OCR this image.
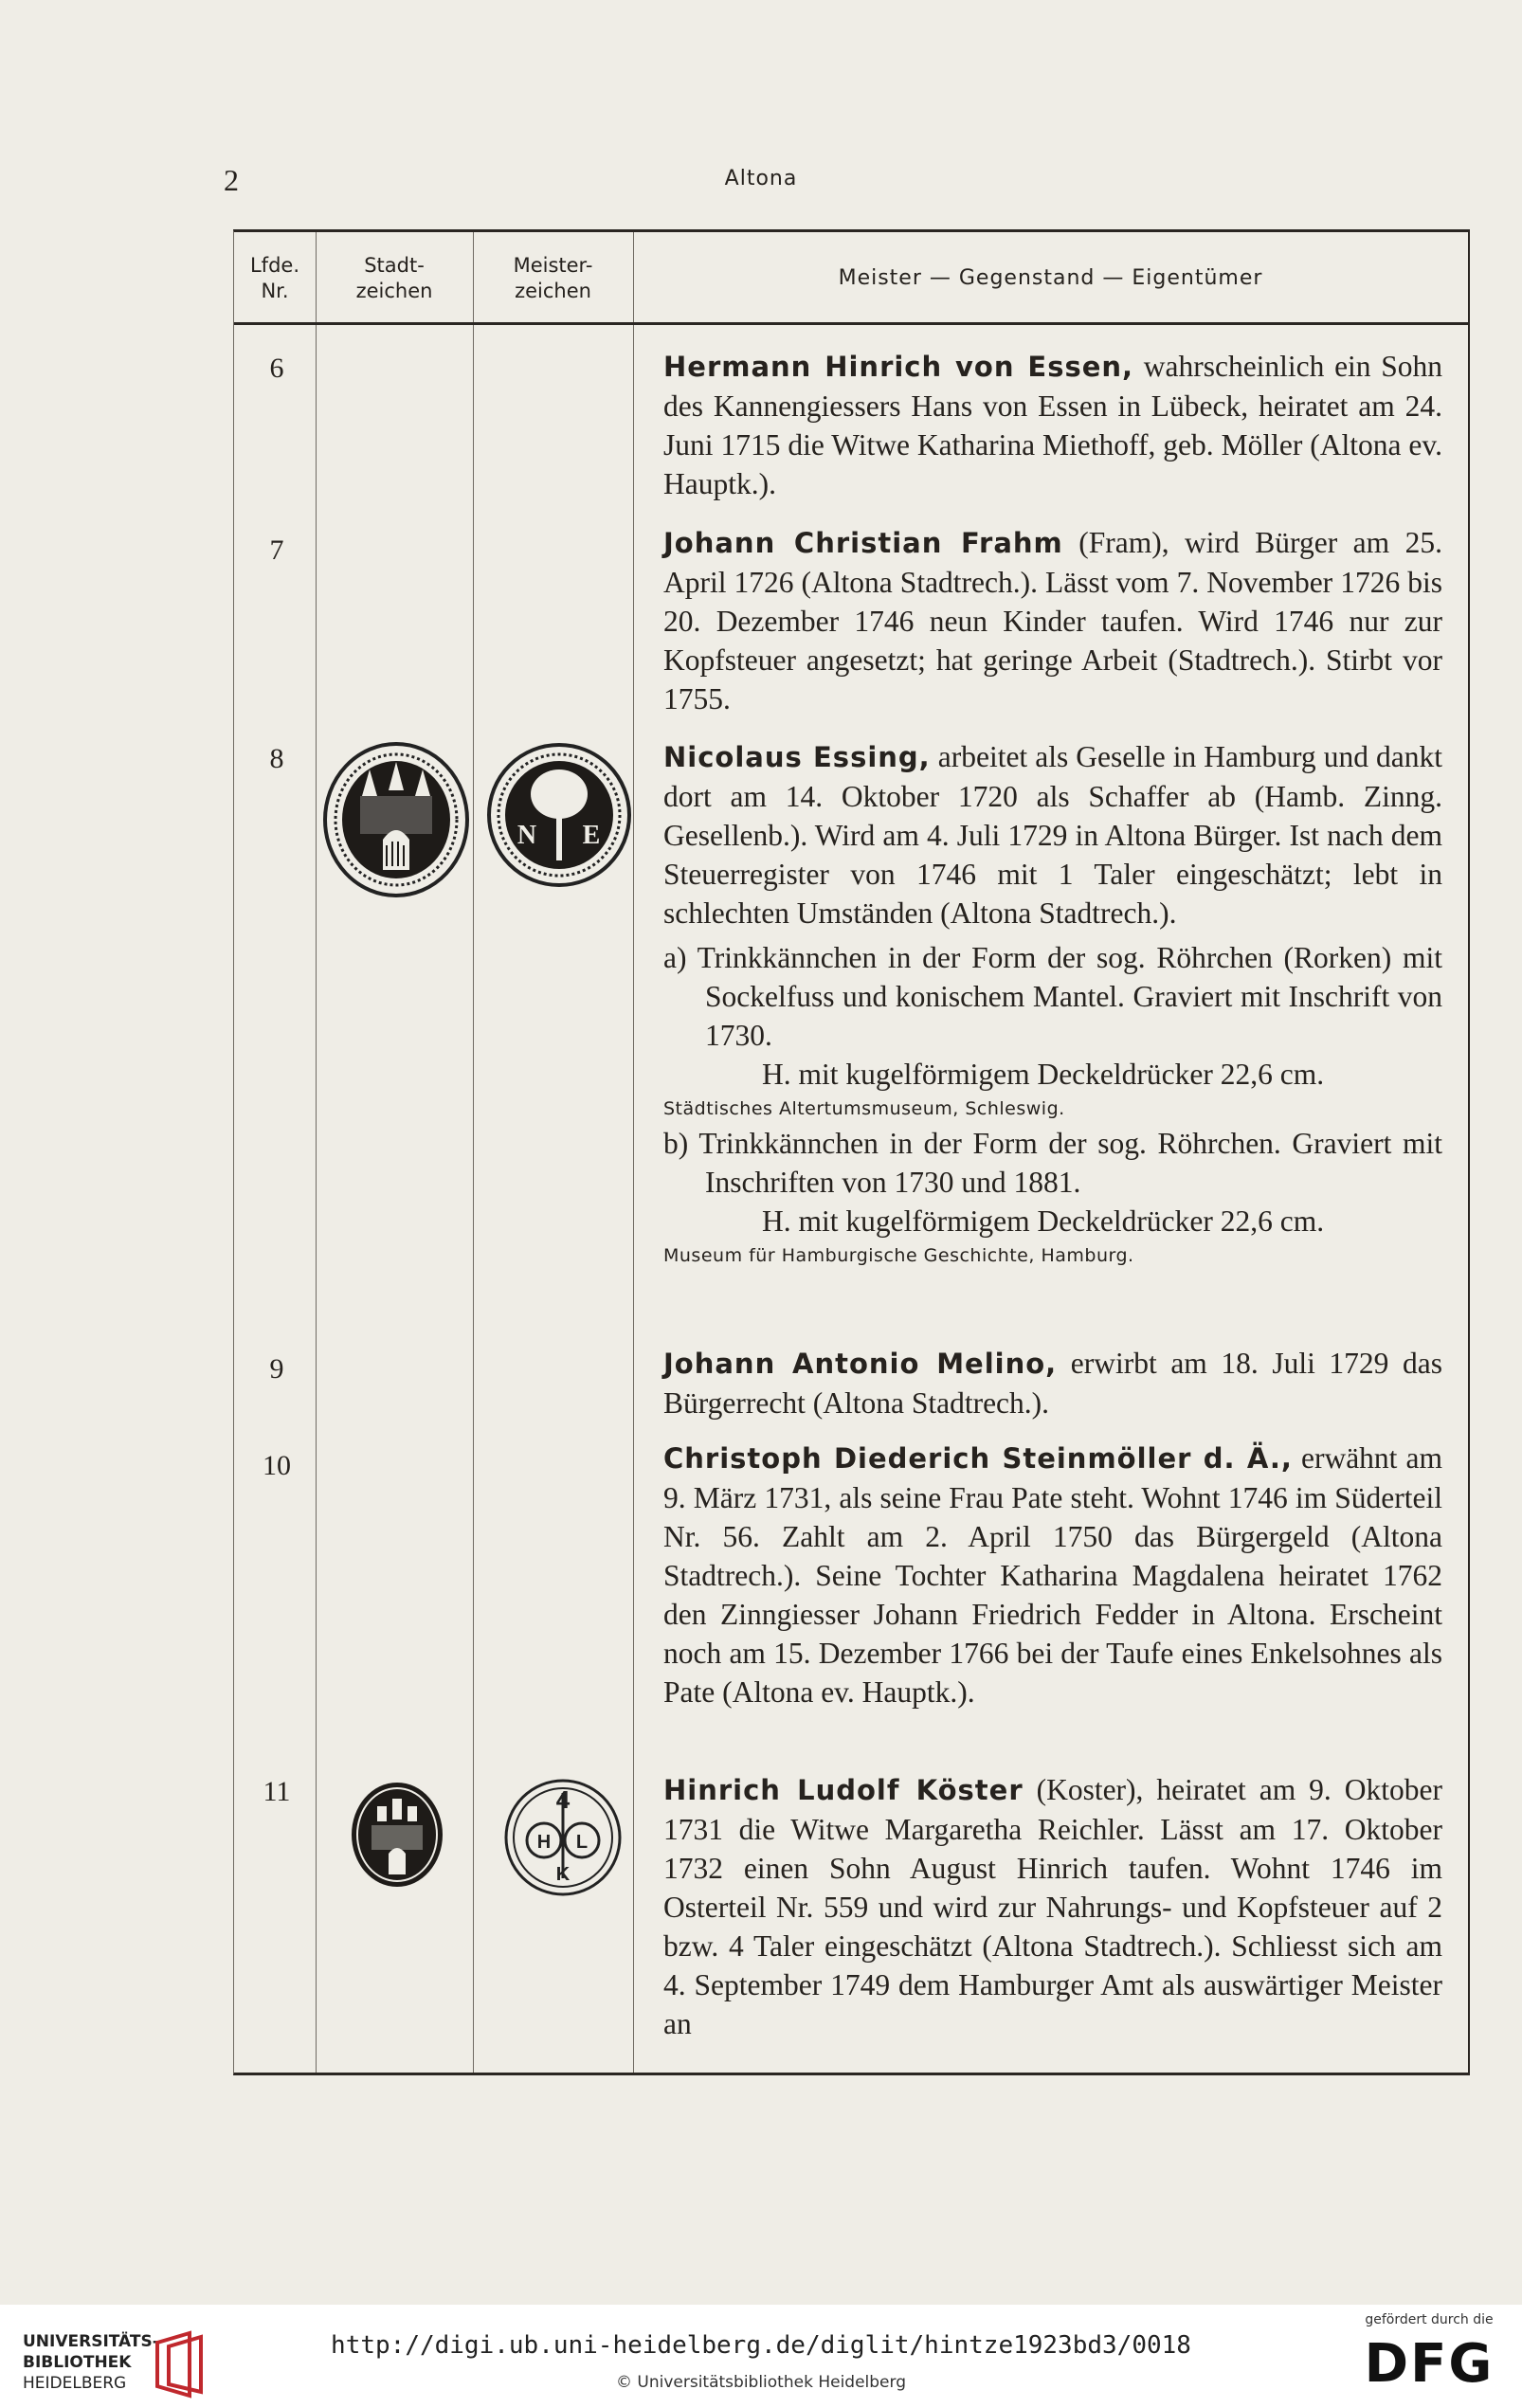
2	Altona
Lfde.
Nr.
Stadt-
zeichen
Meister-
zeichen
Meister — Gegenstand — Eigentümer
6
7
8
9
10
11
N E
4
H
K
L

Hermann Hinrich von Essen, wahrscheinlich ein Sohn des Kannengiessers Hans von Essen in Lübeck, heiratet am 24. Juni 1715 die Witwe Katharina Miethoff, geb. Möller (Altona ev. Hauptk.).

Johann Christian Frahm (Fram), wird Bürger am 25. April 1726 (Altona Stadtrech.). Lässt vom 7. November 1726 bis 20. Dezember 1746 neun Kinder taufen. Wird 1746 nur zur Kopfsteuer angesetzt; hat geringe Arbeit (Stadtrech.). Stirbt vor 1755.

Nicolaus Essing, arbeitet als Geselle in Hamburg und dankt dort am 14. Oktober 1720 als Schaffer ab (Hamb. Zinng. Gesellenb.). Wird am 4. Juli 1729 in Altona Bürger. Ist nach dem Steuerregister von 1746 mit 1 Taler eingeschätzt; lebt in schlechten Umständen (Altona Stadtrech.).

a) Trinkkännchen in der Form der sog. Röhrchen (Rorken) mit Sockelfuss und konischem Mantel. Graviert mit Inschrift von 1730.

H. mit kugelförmigem Deckeldrücker 22,6 cm.

Städtisches Altertumsmuseum, Schleswig.

b) Trinkkännchen in der Form der sog. Röhrchen. Graviert mit Inschriften von 1730 und 1881.

H. mit kugelförmigem Deckeldrücker 22,6 cm.

Museum für Hamburgische Geschichte, Hamburg.

Johann Antonio Melino, erwirbt am 18. Juli 1729 das Bürgerrecht (Altona Stadtrech.).

Christoph Diederich Steinmöller d. Ä., erwähnt am 9. März 1731, als seine Frau Pate steht. Wohnt 1746 im Süderteil Nr. 56. Zahlt am 2. April 1750 das Bürgergeld (Altona Stadtrech.). Seine Tochter Katharina Magdalena heiratet 1762 den Zinngiesser Johann Friedrich Fedder in Altona. Erscheint noch am 15. Dezember 1766 bei der Taufe eines Enkelsohnes als Pate (Altona ev. Hauptk.).

Hinrich Ludolf Köster (Koster), heiratet am 9. Oktober 1731 die Witwe Margaretha Reichler. Lässt am 17. Oktober 1732 einen Sohn August Hinrich taufen. Wohnt 1746 im Osterteil Nr. 559 und wird zur Nahrungs- und Kopfsteuer auf 2 bzw. 4 Taler eingeschätzt (Altona Stadtrech.). Schliesst sich am 4. September 1749 dem Hamburger Amt als auswärtiger Meister an

UNIVERSITÄTS-
BIBLIOTHEK
HEIDELBERG
http://digi.ub.uni-heidelberg.de/diglit/hintze1923bd3/0018
© Universitätsbibliothek Heidelberg
gefördert durch die
DFG
